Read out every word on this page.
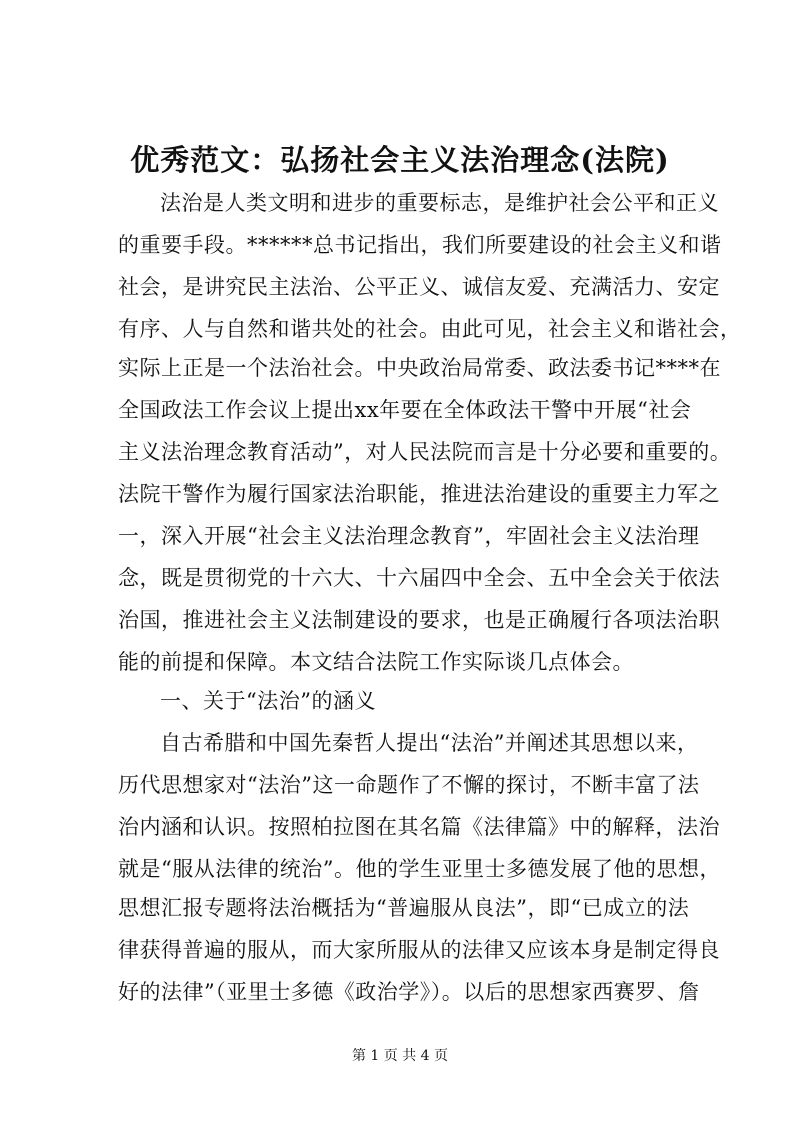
优秀范文：弘扬社会主义法治理念(法院)
法治是人类文明和进步的重要标志，是维护社会公平和正义
的重要手段。******总书记指出，我们所要建设的社会主义和谐
社会，是讲究民主法治、公平正义、诚信友爱、充满活力、安定
有序、人与自然和谐共处的社会。由此可见，社会主义和谐社会，
实际上正是一个法治社会。中央政治局常委、政法委书记****在
全国政法工作会议上提出xx年要在全体政法干警中开展“社会
主义法治理念教育活动”，对人民法院而言是十分必要和重要的。
法院干警作为履行国家法治职能，推进法治建设的重要主力军之
一，深入开展“社会主义法治理念教育”，牢固社会主义法治理
念，既是贯彻党的十六大、十六届四中全会、五中全会关于依法
治国，推进社会主义法制建设的要求，也是正确履行各项法治职
能的前提和保障。本文结合法院工作实际谈几点体会。
一、关于“法治”的涵义
自古希腊和中国先秦哲人提出“法治”并阐述其思想以来，
历代思想家对“法治”这一命题作了不懈的探讨，不断丰富了法
治内涵和认识。按照柏拉图在其名篇《法律篇》中的解释，法治
就是“服从法律的统治”。他的学生亚里士多德发展了他的思想，
思想汇报专题将法治概括为“普遍服从良法”，即“已成立的法
律获得普遍的服从，而大家所服从的法律又应该本身是制定得良
好的法律”（亚里士多德《政治学》）。以后的思想家西赛罗、詹
第 1 页 共 4 页
